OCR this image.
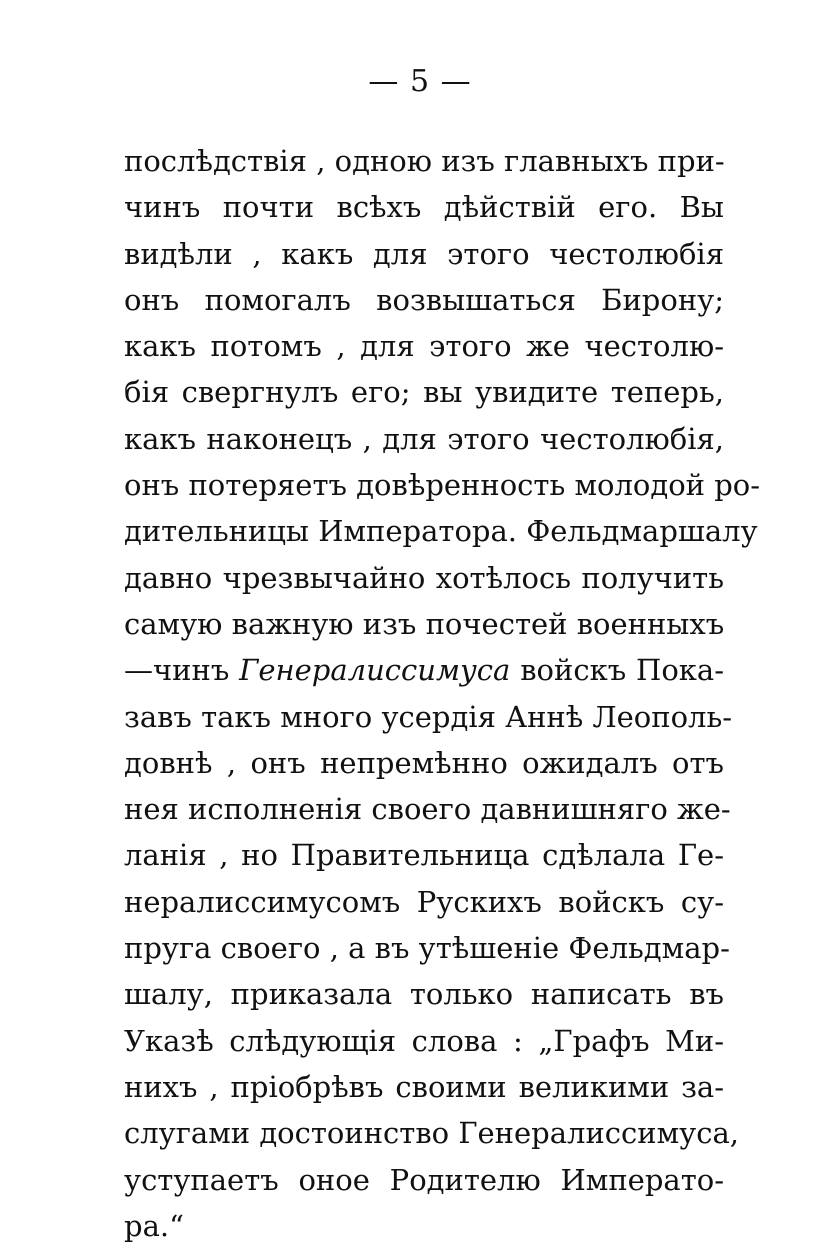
— 5 —
послѣдствія , одною изъ главныхъ при-
чинъ почти всѣхъ дѣйствій его. Вы
видѣли , какъ для этого честолюбія
онъ помогалъ возвышаться Бирону;
какъ потомъ , для этого же честолю-
бія свергнулъ его; вы увидите теперь,
какъ наконецъ , для этого честолюбія,
онъ потеряетъ довѣренность молодой ро-
дительницы Императора. Фельдмаршалу
давно чрезвычайно хотѣлось получить
самую важную изъ почестей военныхъ
—чинъ Генералиссимуса войскъ Пока-
завъ такъ много усердія Аннѣ Леополь-
довнѣ , онъ непремѣнно ожидалъ отъ
нея исполненія своего давнишняго же-
ланія , но Правительница сдѣлала Ге-
нералиссимусомъ Рускихъ войскъ су-
пруга своего , а въ утѣшеніе Фельдмар-
шалу, приказала только написать въ
Указѣ слѣдующія слова : „Графъ Ми-
нихъ , пріобрѣвъ своими великими за-
слугами достоинство Генералиссимуса,
уступаетъ оное Родителю Императо-
ра.“
